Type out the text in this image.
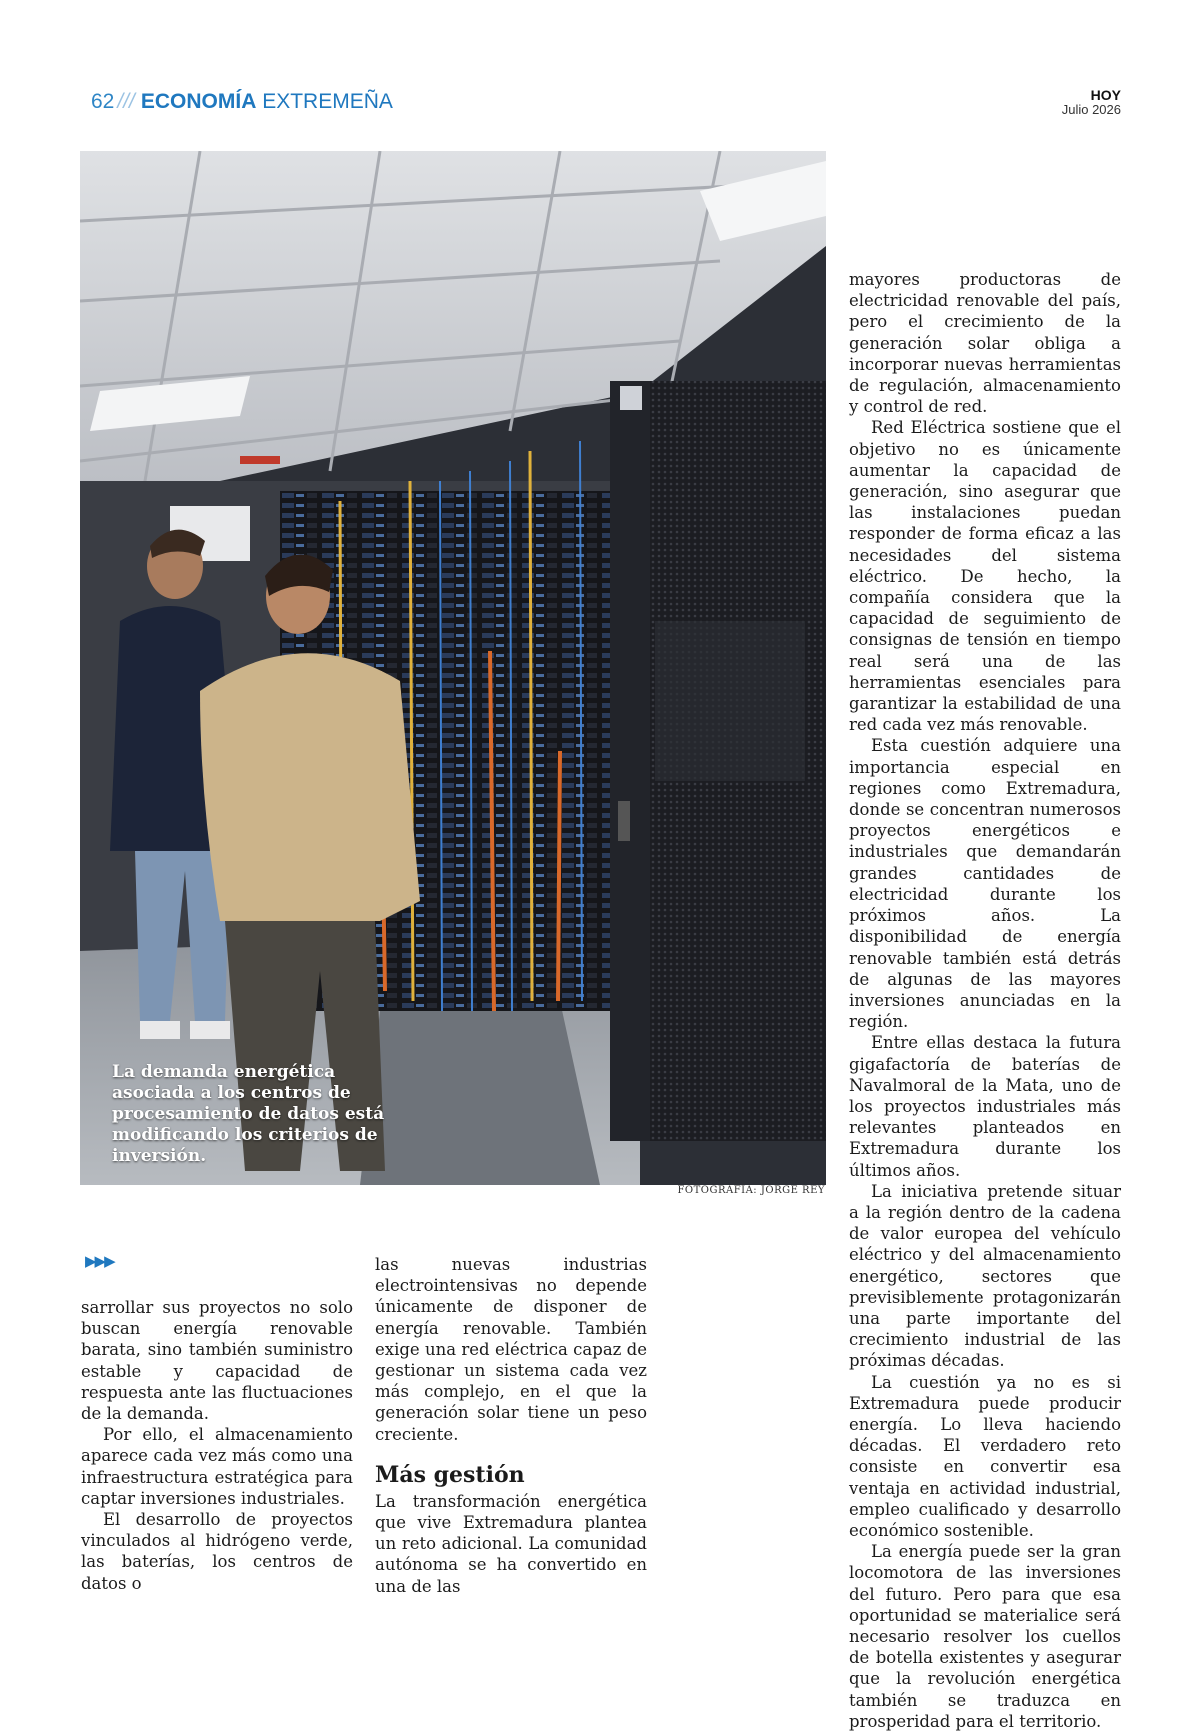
62 /// ECONOMÍA EXTREMEÑA	HOY
Julio 2026
La demanda energética asociada a los centros de procesamiento de datos está modificando los criterios de inversión.
FOTOGRAFÍA: JORGE REY
▶▶▶

sarrollar sus proyectos no solo buscan energía renovable barata, sino también suministro estable y capacidad de respuesta ante las fluctuaciones de la demanda.

Por ello, el almacenamiento aparece cada vez más como una infraestructura estratégica para captar inversiones industriales.

El desarrollo de proyectos vinculados al hidrógeno verde, las baterías, los centros de datos o

las nuevas industrias electrointensivas no depende únicamente de disponer de energía renovable. También exige una red eléctrica capaz de gestionar un sistema cada vez más complejo, en el que la generación solar tiene un peso creciente.

Más gestión

La transformación energética que vive Extremadura plantea un reto adicional. La comunidad autónoma se ha convertido en una de las

mayores productoras de electricidad renovable del país, pero el crecimiento de la generación solar obliga a incorporar nuevas herramientas de regulación, almacenamiento y control de red.

Red Eléctrica sostiene que el objetivo no es únicamente aumentar la capacidad de generación, sino asegurar que las instalaciones puedan responder de forma eficaz a las necesidades del sistema eléctrico. De hecho, la compañía considera que la capacidad de seguimiento de consignas de tensión en tiempo real será una de las herramientas esenciales para garantizar la estabilidad de una red cada vez más renovable.

Esta cuestión adquiere una importancia especial en regiones como Extremadura, donde se concentran numerosos proyectos energéticos e industriales que demandarán grandes cantidades de electricidad durante los próximos años. La disponibilidad de energía renovable también está detrás de algunas de las mayores inversiones anunciadas en la región.

Entre ellas destaca la futura gigafactoría de baterías de Navalmoral de la Mata, uno de los proyectos industriales más relevantes planteados en Extremadura durante los últimos años.

La iniciativa pretende situar a la región dentro de la cadena de valor europea del vehículo eléctrico y del almacenamiento energético, sectores que previsiblemente protagonizarán una parte importante del crecimiento industrial de las próximas décadas.

La cuestión ya no es si Extremadura puede producir energía. Lo lleva haciendo décadas. El verdadero reto consiste en convertir esa ventaja en actividad industrial, empleo cualificado y desarrollo económico sostenible.

La energía puede ser la gran locomotora de las inversiones del futuro. Pero para que esa oportunidad se materialice será necesario resolver los cuellos de botella existentes y asegurar que la revolución energética también se traduzca en prosperidad para el territorio.
